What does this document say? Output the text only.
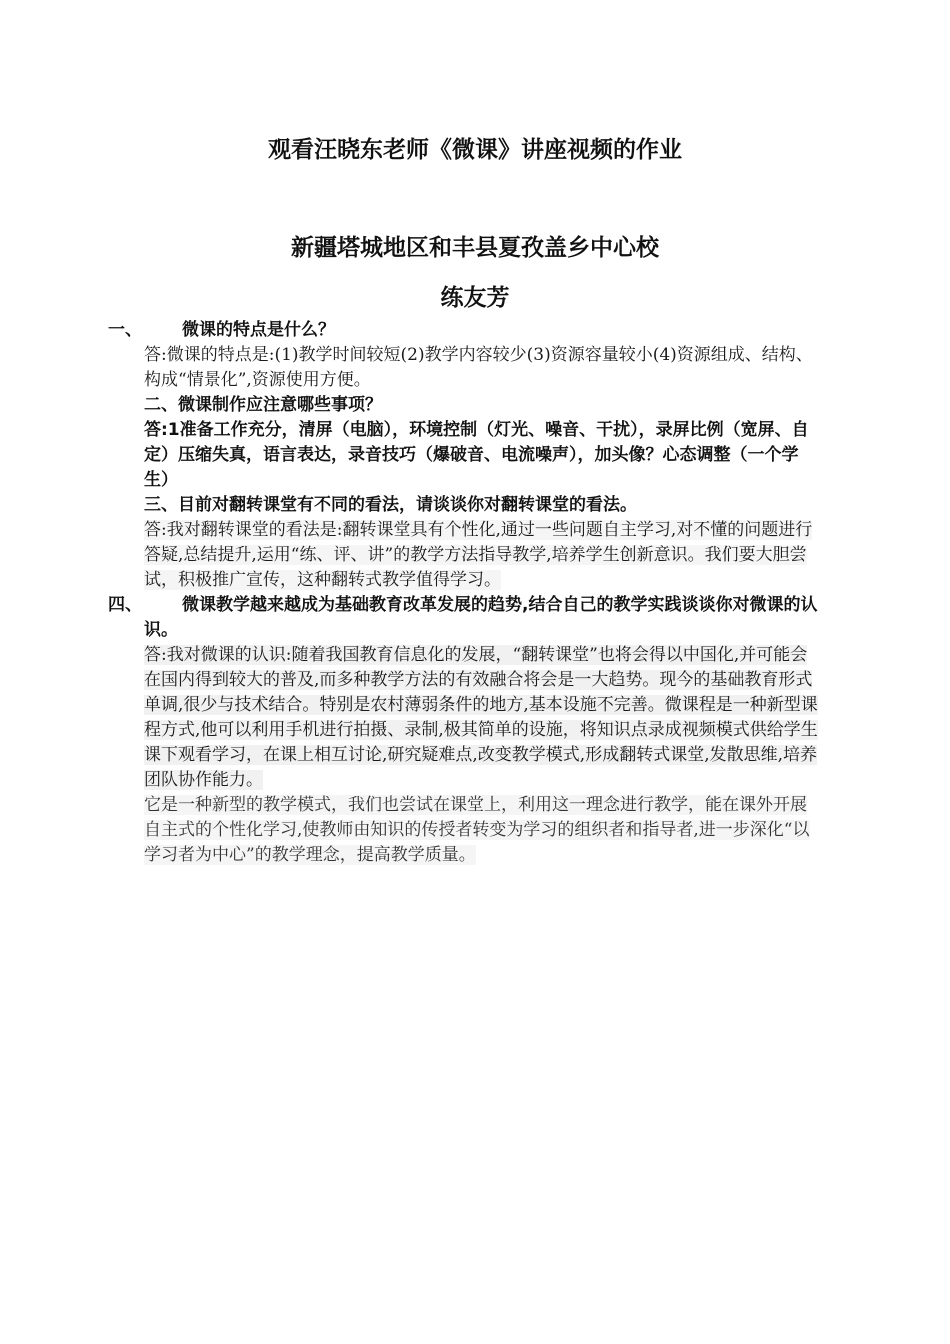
观看汪晓东老师《微课》讲座视频的作业
新疆塔城地区和丰县夏孜盖乡中心校
练友芳
一、	微课的特点是什么？

答:微课的特点是:(1)教学时间较短(2)教学内容较少(3)资源容量较小(4)资源组成、结构、构成“情景化”,资源使用方便。

二、微课制作应注意哪些事项？

答:1准备工作充分，清屏（电脑），环境控制（灯光、噪音、干扰），录屏比例（宽屏、自定）压缩失真，语言表达，录音技巧（爆破音、电流噪声），加头像？心态调整（一个学生）

三、目前对翻转课堂有不同的看法，请谈谈你对翻转课堂的看法。

答:我对翻转课堂的看法是:翻转课堂具有个性化,通过一些问题自主学习,对不懂的问题进行答疑,总结提升,运用“练、评、讲”的教学方法指导教学,培养学生创新意识。我们要大胆尝试，积极推广宣传，这种翻转式教学值得学习。

四、	微课教学越来越成为基础教育改革发展的趋势,结合自己的教学实践谈谈你对微课的认识。

答:我对微课的认识:随着我国教育信息化的发展，“翻转课堂”也将会得以中国化,并可能会在国内得到较大的普及,而多种教学方法的有效融合将会是一大趋势。现今的基础教育形式单调,很少与技术结合。特别是农村薄弱条件的地方,基本设施不完善。微课程是一种新型课程方式,他可以利用手机进行拍摄、录制,极其简单的设施，将知识点录成视频模式供给学生课下观看学习，在课上相互讨论,研究疑难点,改变教学模式,形成翻转式课堂,发散思维,培养团队协作能力。

它是一种新型的教学模式，我们也尝试在课堂上，利用这一理念进行教学，能在课外开展自主式的个性化学习,使教师由知识的传授者转变为学习的组织者和指导者,进一步深化“以学习者为中心”的教学理念，提高教学质量。
